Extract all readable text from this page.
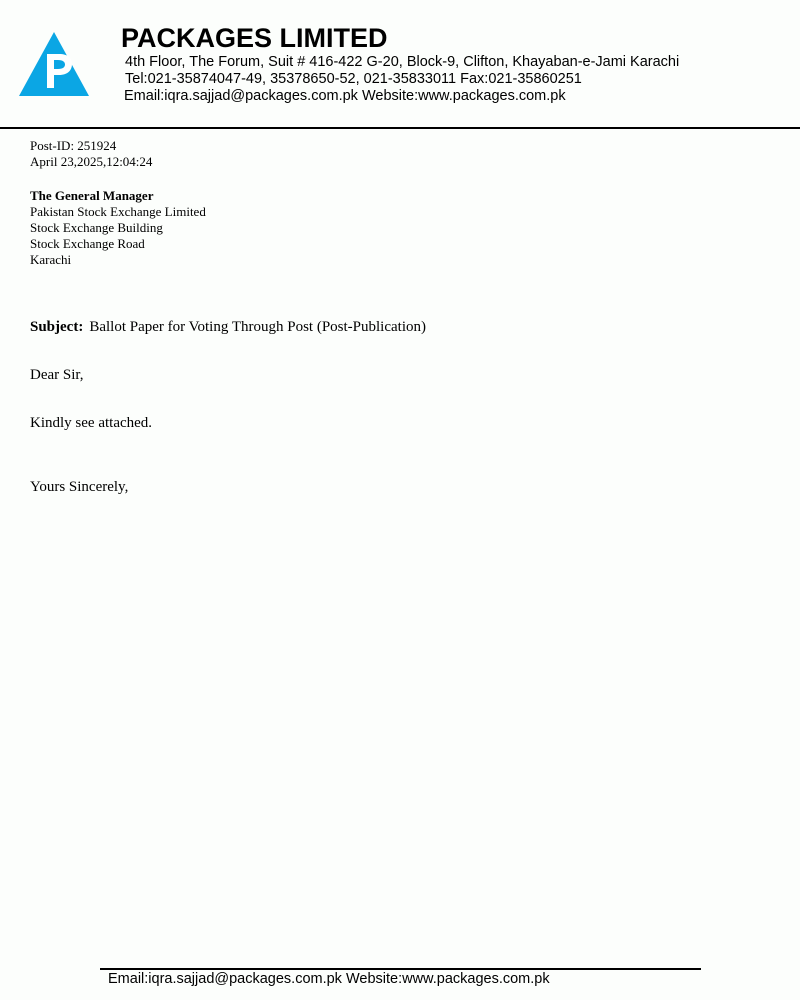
PACKAGES LIMITED
4th Floor, The Forum, Suit # 416-422 G-20, Block-9, Clifton, Khayaban-e-Jami Karachi
Tel:021-35874047-49, 35378650-52, 021-35833011 Fax:021-35860251
Email:iqra.sajjad@packages.com.pk Website:www.packages.com.pk
Post-ID: 251924
April 23,2025,12:04:24
The General Manager
Pakistan Stock Exchange Limited
Stock Exchange Building
Stock Exchange Road
Karachi
Subject: Ballot Paper for Voting Through Post (Post-Publication)
Dear Sir,
Kindly see attached.
Yours Sincerely,
Email:iqra.sajjad@packages.com.pk Website:www.packages.com.pk
